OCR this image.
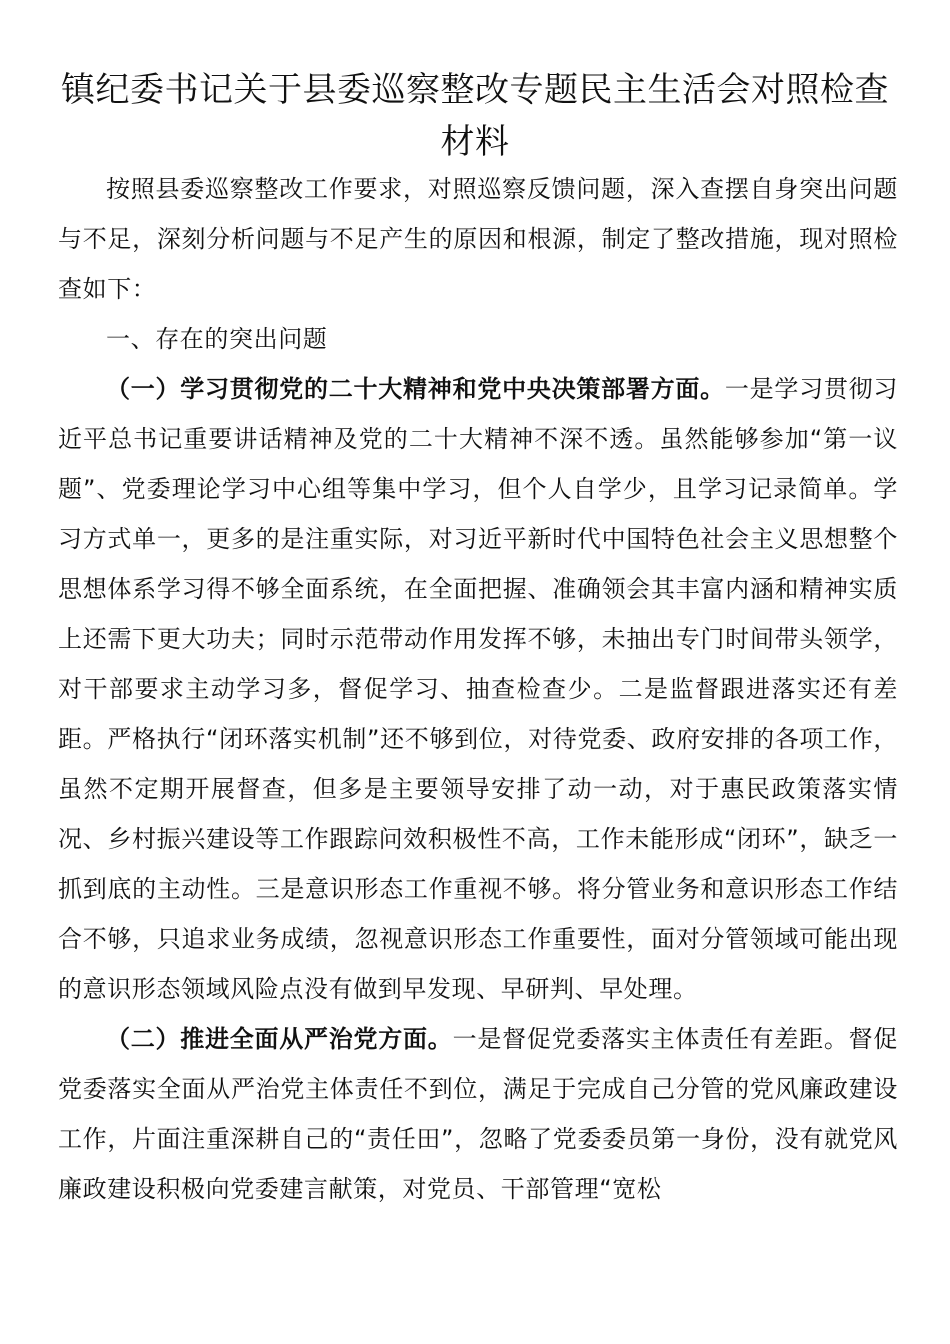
镇纪委书记关于县委巡察整改专题民主生活会对照检查材料

按照县委巡察整改工作要求，对照巡察反馈问题，深入查摆自身突出问题与不足，深刻分析问题与不足产生的原因和根源，制定了整改措施，现对照检查如下：

一、存在的突出问题

（一）学习贯彻党的二十大精神和党中央决策部署方面。一是学习贯彻习近平总书记重要讲话精神及党的二十大精神不深不透。虽然能够参加“第一议题”、党委理论学习中心组等集中学习，但个人自学少，且学习记录简单。学习方式单一，更多的是注重实际，对习近平新时代中国特色社会主义思想整个思想体系学习得不够全面系统，在全面把握、准确领会其丰富内涵和精神实质上还需下更大功夫；同时示范带动作用发挥不够，未抽出专门时间带头领学，对干部要求主动学习多，督促学习、抽查检查少。二是监督跟进落实还有差距。严格执行“闭环落实机制”还不够到位，对待党委、政府安排的各项工作，虽然不定期开展督查，但多是主要领导安排了动一动，对于惠民政策落实情况、乡村振兴建设等工作跟踪问效积极性不高，工作未能形成“闭环”，缺乏一抓到底的主动性。三是意识形态工作重视不够。将分管业务和意识形态工作结合不够，只追求业务成绩，忽视意识形态工作重要性，面对分管领域可能出现的意识形态领域风险点没有做到早发现、早研判、早处理。

（二）推进全面从严治党方面。一是督促党委落实主体责任有差距。督促党委落实全面从严治党主体责任不到位，满足于完成自己分管的党风廉政建设工作，片面注重深耕自己的“责任田”，忽略了党委委员第一身份，没有就党风廉政建设积极向党委建言献策，对党员、干部管理“宽松
